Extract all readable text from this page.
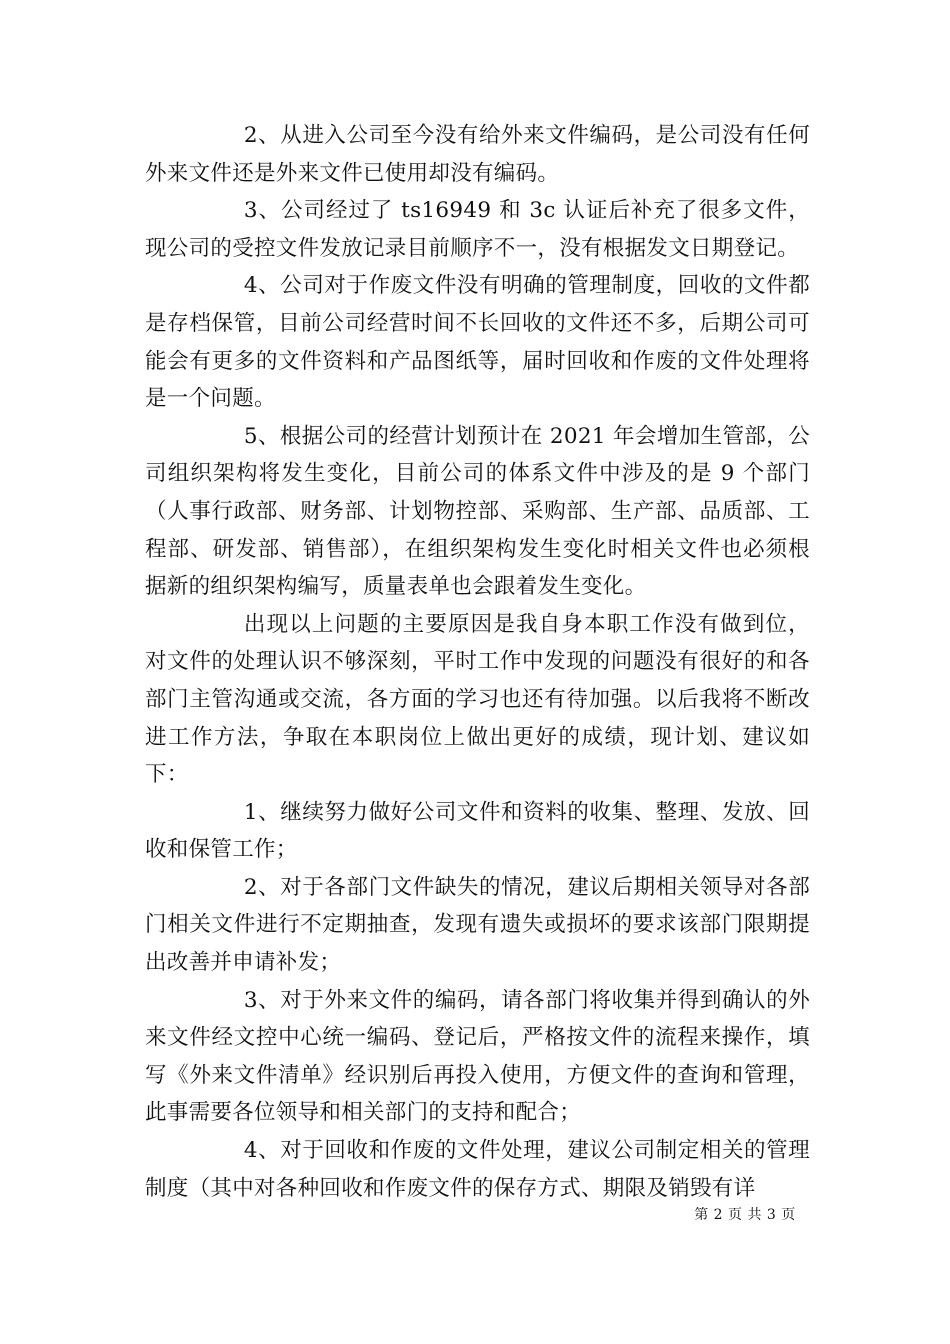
2、从进入公司至今没有给外来文件编码，是公司没有任何外来文件还是外来文件已使用却没有编码。

3、公司经过了 ts16949 和 3c 认证后补充了很多文件，现公司的受控文件发放记录目前顺序不一，没有根据发文日期登记。

4、公司对于作废文件没有明确的管理制度，回收的文件都是存档保管，目前公司经营时间不长回收的文件还不多，后期公司可能会有更多的文件资料和产品图纸等，届时回收和作废的文件处理将是一个问题。

5、根据公司的经营计划预计在 2021 年会增加生管部，公司组织架构将发生变化，目前公司的体系文件中涉及的是 9 个部门（人事行政部、财务部、计划物控部、采购部、生产部、品质部、工程部、研发部、销售部），在组织架构发生变化时相关文件也必须根据新的组织架构编写，质量表单也会跟着发生变化。

出现以上问题的主要原因是我自身本职工作没有做到位，对文件的处理认识不够深刻，平时工作中发现的问题没有很好的和各部门主管沟通或交流，各方面的学习也还有待加强。以后我将不断改进工作方法，争取在本职岗位上做出更好的成绩，现计划、建议如下：

1、继续努力做好公司文件和资料的收集、整理、发放、回收和保管工作；

2、对于各部门文件缺失的情况，建议后期相关领导对各部门相关文件进行不定期抽查，发现有遗失或损坏的要求该部门限期提出改善并申请补发；

3、对于外来文件的编码，请各部门将收集并得到确认的外来文件经文控中心统一编码、登记后，严格按文件的流程来操作，填写《外来文件清单》经识别后再投入使用，方便文件的查询和管理，此事需要各位领导和相关部门的支持和配合；

4、对于回收和作废的文件处理，建议公司制定相关的管理制度（其中对各种回收和作废文件的保存方式、期限及销毁有详

第 2 页 共 3 页
